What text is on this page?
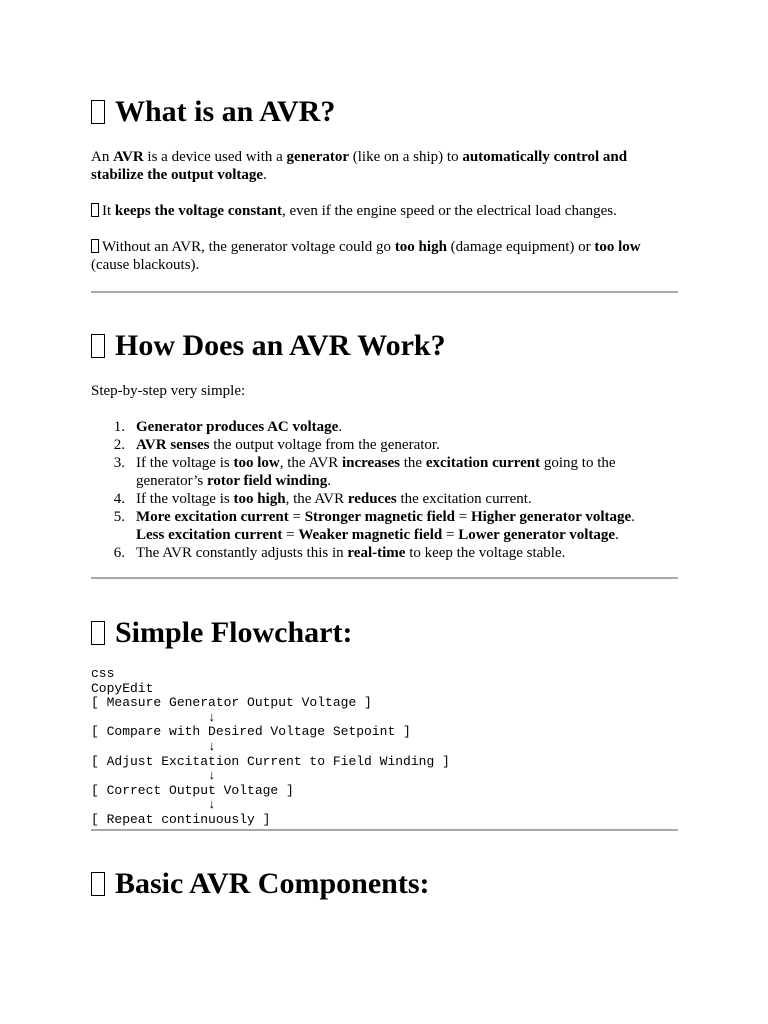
What is an AVR?

An AVR is a device used with a generator (like on a ship) to automatically control and stabilize the output voltage.

It keeps the voltage constant, even if the engine speed or the electrical load changes.

Without an AVR, the generator voltage could go too high (damage equipment) or too low
(cause blackouts).

How Does an AVR Work?

Step-by-step very simple:

1. Generator produces AC voltage.
2. AVR senses the output voltage from the generator.
3. If the voltage is too low, the AVR increases the excitation current going to the generator’s rotor field winding.
4. If the voltage is too high, the AVR reduces the excitation current.
5. More excitation current = Stronger magnetic field = Higher generator voltage.
Less excitation current = Weaker magnetic field = Lower generator voltage.
6. The AVR constantly adjusts this in real-time to keep the voltage stable.
Simple Flowchart:
css
CopyEdit
[ Measure Generator Output Voltage ]
↓
[ Compare with Desired Voltage Setpoint ]
↓
[ Adjust Excitation Current to Field Winding ]
↓
[ Correct Output Voltage ]
↓
[ Repeat continuously ]
Basic AVR Components:
